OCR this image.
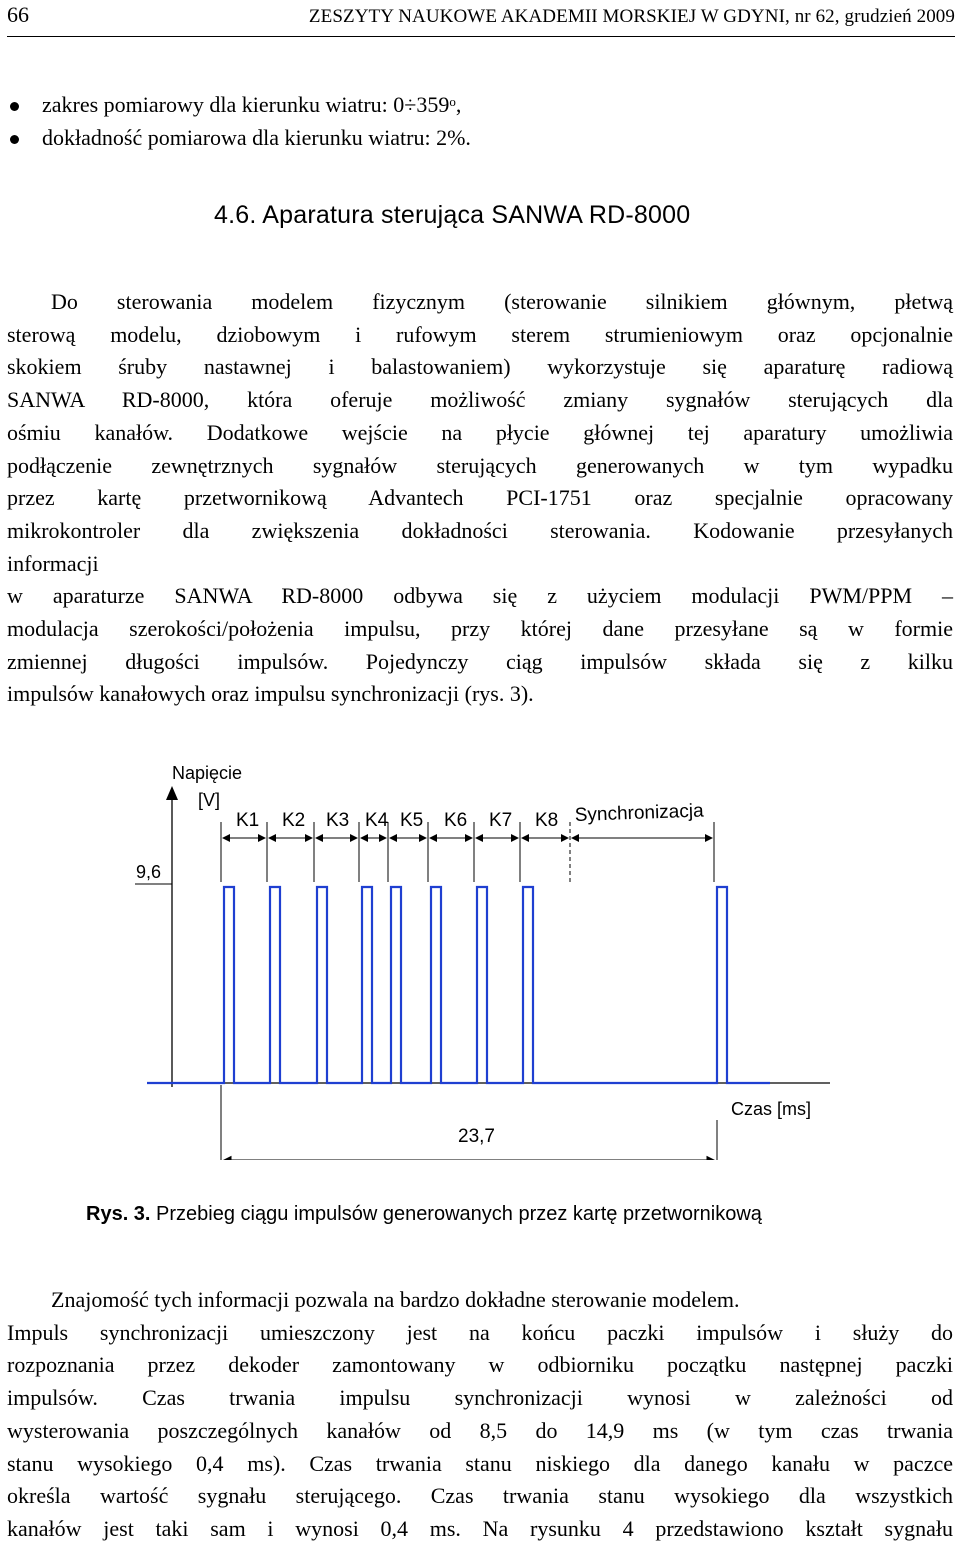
66	ZESZYTY NAUKOWE AKADEMII MORSKIEJ W GDYNI, nr 62, grudzień 2009
zakres pomiarowy dla kierunku wiatru: $0\div 359^o$,
dokładność pomiarowa dla kierunku wiatru: 2%.
4.6. Aparatura sterująca SANWA RD-8000
Do sterowania modelem fizycznym (sterowanie silnikiem głównym, płetwą
sterową modelu, dziobowym i rufowym sterem strumieniowym oraz opcjonalnie
skokiem śruby nastawnej i balastowaniem) wykorzystuje się aparaturę radiową
SANWA RD-8000, która oferuje możliwość zmiany sygnałów sterujących dla
ośmiu kanałów. Dodatkowe wejście na płycie głównej tej aparatury umożliwia
podłączenie zewnętrznych sygnałów sterujących generowanych w tym wypadku
przez kartę przetwornikową Advantech PCI-1751 oraz specjalnie opracowany
mikrokontroler dla zwiększenia dokładności sterowania. Kodowanie przesyłanych
informacji
w aparaturze SANWA RD-8000 odbywa się z użyciem modulacji PWM/PPM –
modulacja szerokości/położenia impulsu, przy której dane przesyłane są w formie
zmiennej długości impulsów. Pojedynczy ciąg impulsów składa się z kilku
impulsów kanałowych oraz impulsu synchronizacji (rys. 3).
9,6
Napięcie
[V]
K1 K2 K3 K4 K5 K6 K7 K8 Synchronizacja
23,7
Czas [ms]
Rys. 3. Przebieg ciągu impulsów generowanych przez kartę przetwornikową
Znajomość tych informacji pozwala na bardzo dokładne sterowanie modelem.
Impuls synchronizacji umieszczony jest na końcu paczki impulsów i służy do
rozpoznania przez dekoder zamontowany w odbiorniku początku następnej paczki
impulsów. Czas trwania impulsu synchronizacji wynosi w zależności od
wysterowania poszczególnych kanałów od 8,5 do 14,9 ms (w tym czas trwania
stanu wysokiego 0,4 ms). Czas trwania stanu niskiego dla danego kanału w paczce
określa wartość sygnału sterującego. Czas trwania stanu wysokiego dla wszystkich
kanałów jest taki sam i wynosi 0,4 ms. Na rysunku 4 przedstawiono kształt sygnału
